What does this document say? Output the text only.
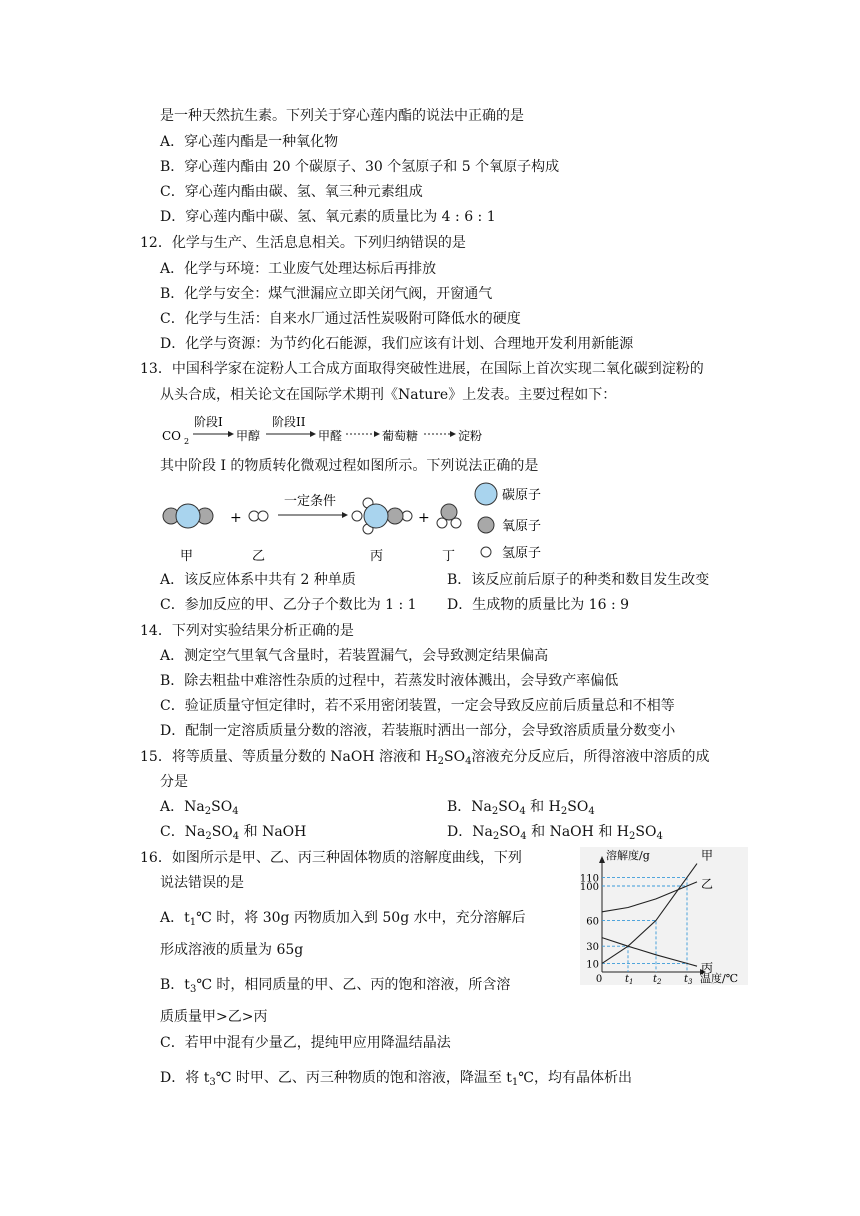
是一种天然抗生素。下列关于穿心莲内酯的说法中正确的是
A．穿心莲内酯是一种氧化物
B．穿心莲内酯由 20 个碳原子、30 个氢原子和 5 个氧原子构成
C．穿心莲内酯由碳、氢、氧三种元素组成
D．穿心莲内酯中碳、氢、氧元素的质量比为 4 : 6 : 1
12．化学与生产、生活息息相关。下列归纳错误的是
A．化学与环境：工业废气处理达标后再排放
B．化学与安全：煤气泄漏应立即关闭气阀，开窗通气
C．化学与生活：自来水厂通过活性炭吸附可降低水的硬度
D．化学与资源：为节约化石能源，我们应该有计划、合理地开发利用新能源
13．中国科学家在淀粉人工合成方面取得突破性进展，在国际上首次实现二氧化碳到淀粉的
从头合成，相关论文在国际学术期刊《Nature》上发表。主要过程如下：
CO 2
阶段I
甲醇
阶段II
甲醛	葡萄糖	淀粉
其中阶段 I 的物质转化微观过程如图所示。下列说法正确的是
+
一定条件
+
甲	乙	丙	丁
碳原子
氧原子
氢原子
A．该反应体系中共有 2 种单质	B．该反应前后原子的种类和数目发生改变
C．参加反应的甲、乙分子个数比为 1 : 1 D．生成物的质量比为 16 : 9
14．下列对实验结果分析正确的是
A．测定空气里氧气含量时，若装置漏气，会导致测定结果偏高
B．除去粗盐中难溶性杂质的过程中，若蒸发时液体溅出，会导致产率偏低
C．验证质量守恒定律时，若不采用密闭装置，一定会导致反应前后质量总和不相等
D．配制一定溶质质量分数的溶液，若装瓶时洒出一部分，会导致溶质质量分数变小
15．将等质量、等质量分数的 NaOH 溶液和 $H_2SO_4$溶液充分反应后，所得溶液中溶质的成
分是
A．$Na_2SO_4$	B．$Na_2SO_4$ 和 $H_2SO_4$
C．$Na_2SO_4$ 和 NaOH	D．$Na_2SO_4$ 和 NaOH 和 $H_2SO_4$
16．如图所示是甲、乙、丙三种固体物质的溶解度曲线，下列
说法错误的是
A．$t_1℃$ 时，将 30g 丙物质加入到 50g 水中，充分溶解后
形成溶液的质量为 65g
B．$t_3℃$ 时，相同质量的甲、乙、丙的饱和溶液，所含溶
质质量甲>乙>丙
C．若甲中混有少量乙，提纯甲应用降温结晶法
D．将 $t_3℃$ 时甲、乙、丙三种物质的饱和溶液，降温至 $t_1℃$，均有晶体析出
溶解度/g
温度/℃
10
30
60
100
110
0 $t_1$ $t_2$ $t_3$
甲
乙
丙
